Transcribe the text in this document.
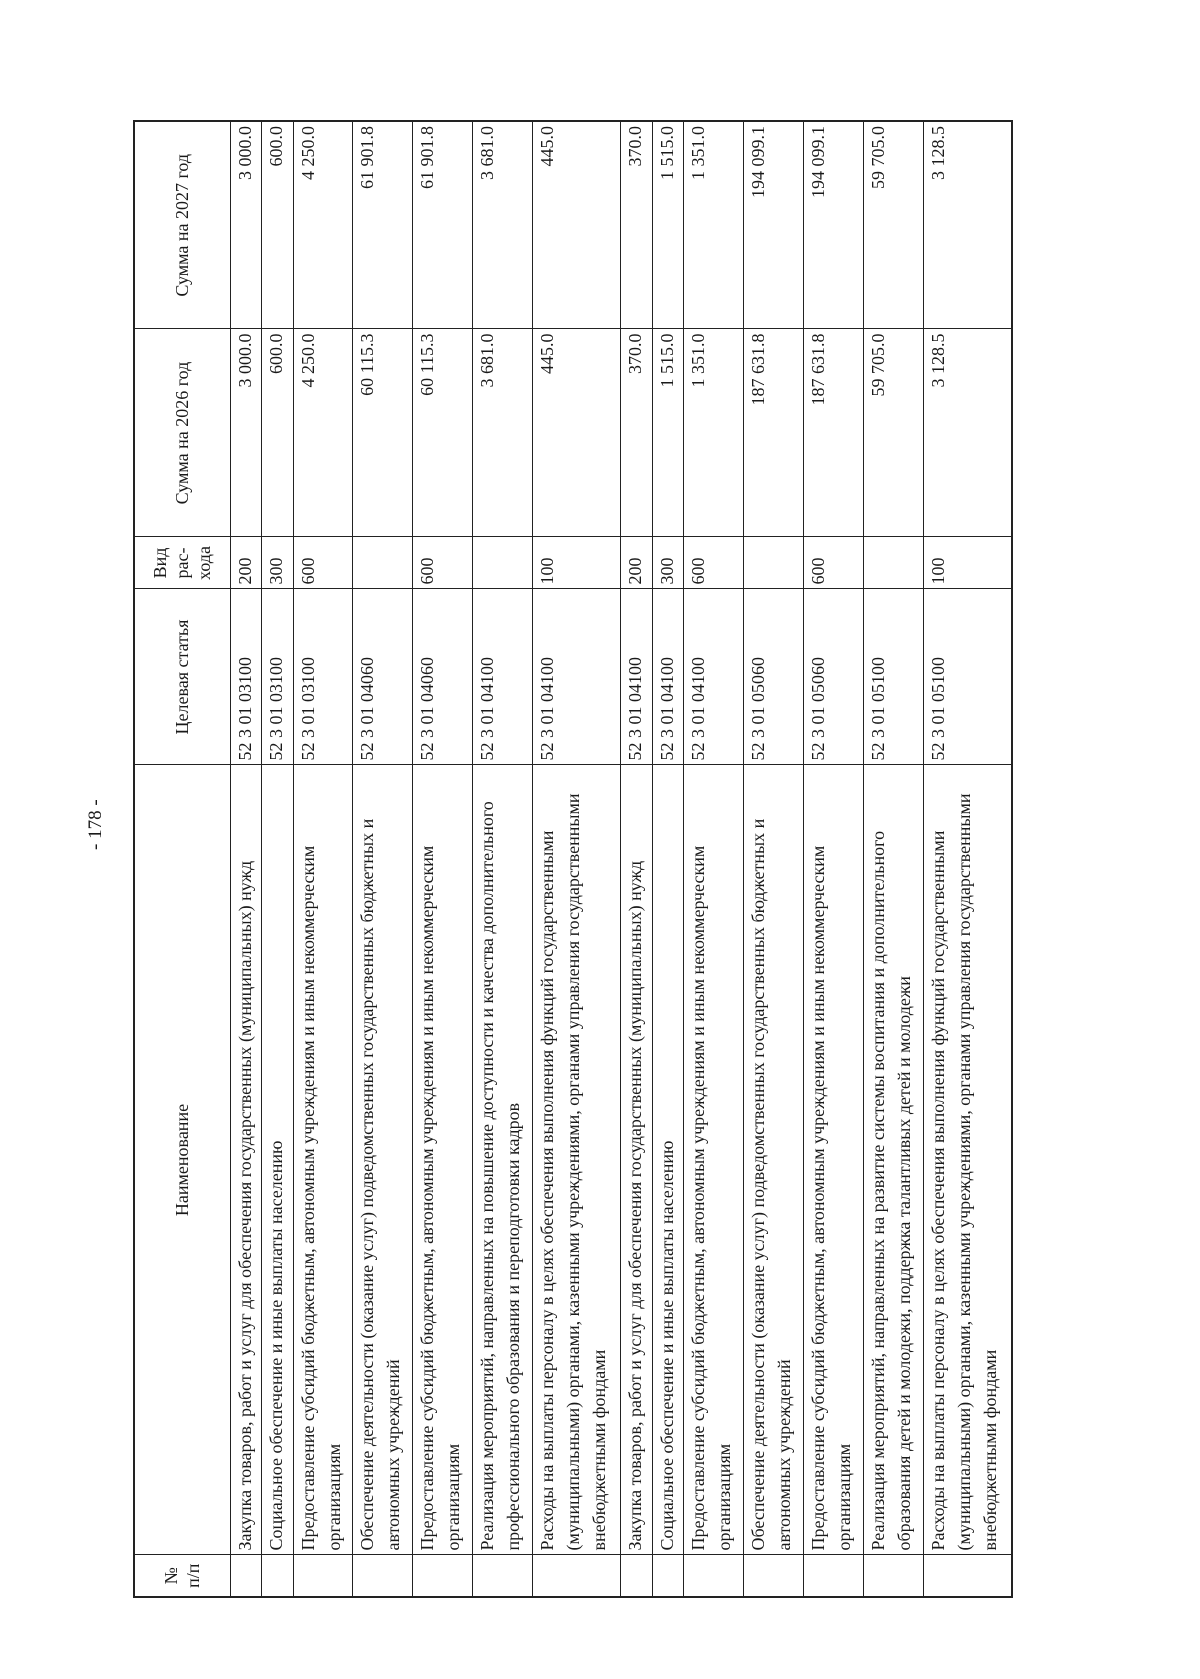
- 178 -
№ п/п	Наименование	Целевая статья	Вид рас-хода	Сумма на 2026 год	Сумма на 2027 год
	Закупка товаров, работ и услуг для обеспечения государственных (муниципальных) нужд	52 3 01 03100	200	3 000.0	3 000.0
	Социальное обеспечение и иные выплаты населению	52 3 01 03100	300	600.0	600.0
	Предоставление субсидий бюджетным, автономным учреждениям и иным некоммерческим организациям	52 3 01 03100	600	4 250.0	4 250.0
	Обеспечение деятельности (оказание услуг) подведомственных государственных бюджетных и автономных учреждений	52 3 01 04060		60 115.3	61 901.8
	Предоставление субсидий бюджетным, автономным учреждениям и иным некоммерческим организациям	52 3 01 04060	600	60 115.3	61 901.8
	Реализация мероприятий, направленных на повышение доступности и качества дополнительного профессионального образования и переподготовки кадров	52 3 01 04100		3 681.0	3 681.0
	Расходы на выплаты персоналу в целях обеспечения выполнения функций государственными (муниципальными) органами, казенными учреждениями, органами управления государственными внебюджетными фондами	52 3 01 04100	100	445.0	445.0
	Закупка товаров, работ и услуг для обеспечения государственных (муниципальных) нужд	52 3 01 04100	200	370.0	370.0
	Социальное обеспечение и иные выплаты населению	52 3 01 04100	300	1 515.0	1 515.0
	Предоставление субсидий бюджетным, автономным учреждениям и иным некоммерческим организациям	52 3 01 04100	600	1 351.0	1 351.0
	Обеспечение деятельности (оказание услуг) подведомственных государственных бюджетных и автономных учреждений	52 3 01 05060		187 631.8	194 099.1
	Предоставление субсидий бюджетным, автономным учреждениям и иным некоммерческим организациям	52 3 01 05060	600	187 631.8	194 099.1
	Реализация мероприятий, направленных на развитие системы воспитания и дополнительного образования детей и молодежи, поддержка талантливых детей и молодежи	52 3 01 05100		59 705.0	59 705.0
	Расходы на выплаты персоналу в целях обеспечения выполнения функций государственными (муниципальными) органами, казенными учреждениями, органами управления государственными внебюджетными фондами	52 3 01 05100	100	3 128.5	3 128.5
